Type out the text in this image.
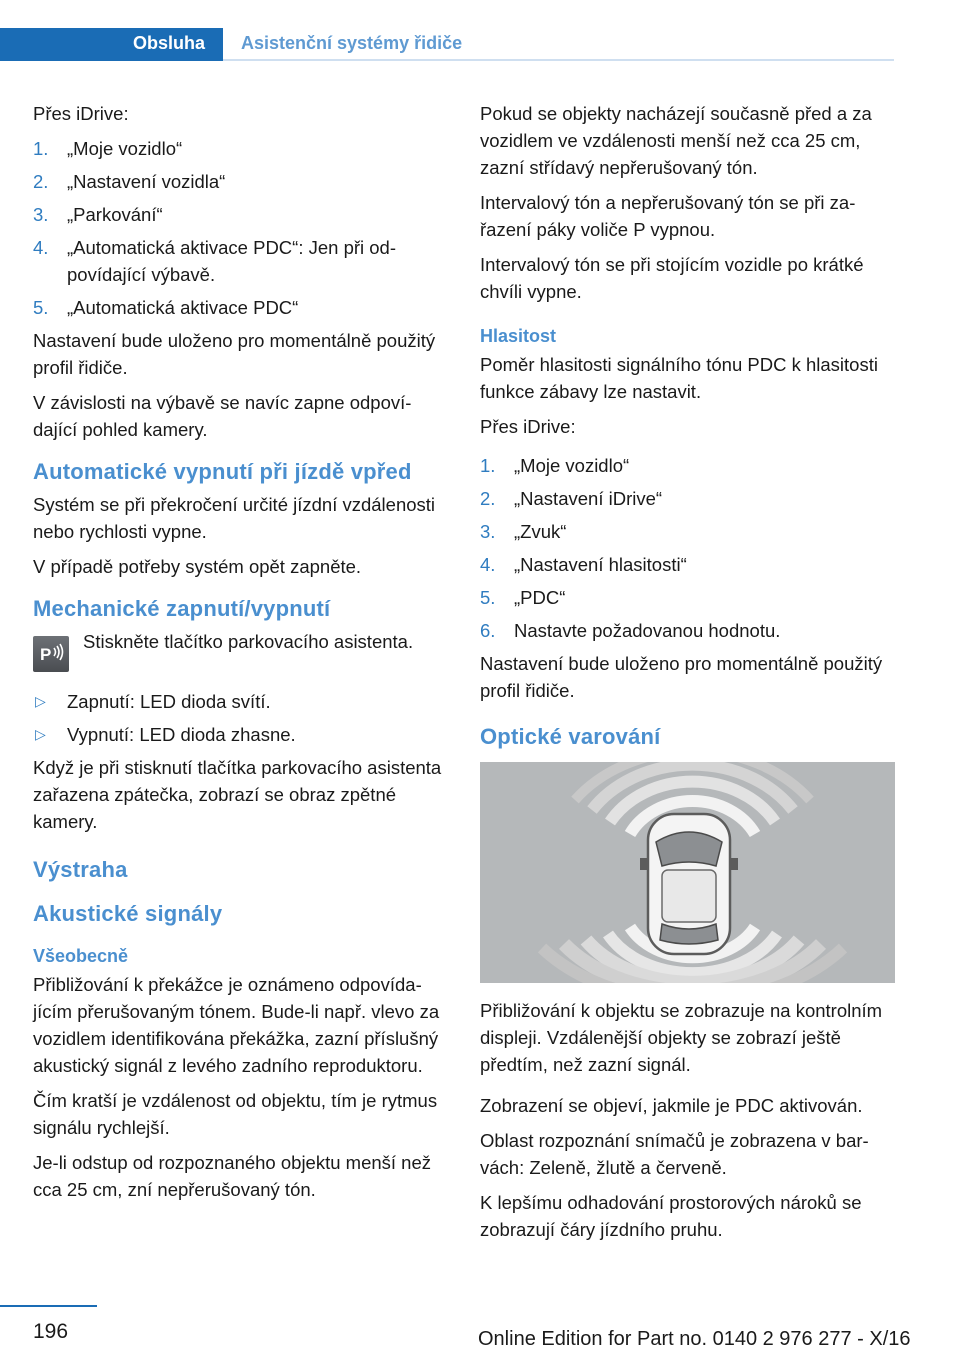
Obsluha Asistenční systémy řidiče

Přes iDrive:

1. „Moje vozidlo“
2. „Nastavení vozidla“
3. „Parkování“
4. „Automatická aktivace PDC“: Jen při odpovídající výbavě.
5. „Automatická aktivace PDC“

Nastavení bude uloženo pro momentálně použitý profil řidiče.

V závislosti na výbavě se navíc zapne odpovídající pohled kamery.

Automatické vypnutí při jízdě vpřed

Systém se při překročení určité jízdní vzdálenosti nebo rychlosti vypne.

V případě potřeby systém opět zapněte.

Mechanické zapnutí/vypnutí
P
Stiskněte tlačítko parkovacího asistenta.
▷ Zapnutí: LED dioda svítí.
▷ Vypnutí: LED dioda zhasne.

Když je při stisknutí tlačítka parkovacího asistenta zařazena zpátečka, zobrazí se obraz zpětné kamery.

Výstraha
Akustické signály
Všeobecně

Přibližování k překážce je oznámeno odpovídajícím přerušovaným tónem. Bude-li např. vlevo za vozidlem identifikována překážka, zazní příslušný akustický signál z levého zadního reproduktoru.

Čím kratší je vzdálenost od objektu, tím je rytmus signálu rychlejší.

Je-li odstup od rozpoznaného objektu menší než cca 25 cm, zní nepřerušovaný tón.

Pokud se objekty nacházejí současně před a za vozidlem ve vzdálenosti menší než cca 25 cm, zazní střídavý nepřerušovaný tón.

Intervalový tón a nepřerušovaný tón se při zařazení páky voliče P vypnou.

Intervalový tón se při stojícím vozidle po krátké chvíli vypne.

Hlasitost

Poměr hlasitosti signálního tónu PDC k hlasitosti funkce zábavy lze nastavit.

Přes iDrive:

1. „Moje vozidlo“
2. „Nastavení iDrive“
3. „Zvuk“
4. „Nastavení hlasitosti“
5. „PDC“
6. Nastavte požadovanou hodnotu.

Nastavení bude uloženo pro momentálně použitý profil řidiče.

Optické varování

Přibližování k objektu se zobrazuje na kontrolním displeji. Vzdálenější objekty se zobrazí ještě předtím, než zazní signál.

Zobrazení se objeví, jakmile je PDC aktivován.

Oblast rozpoznání snímačů je zobrazena v barvách: Zeleně, žlutě a červeně.

K lepšímu odhadování prostorových nároků se zobrazují čáry jízdního pruhu.

196	Online Edition for Part no. 0140 2 976 277 - X/16
